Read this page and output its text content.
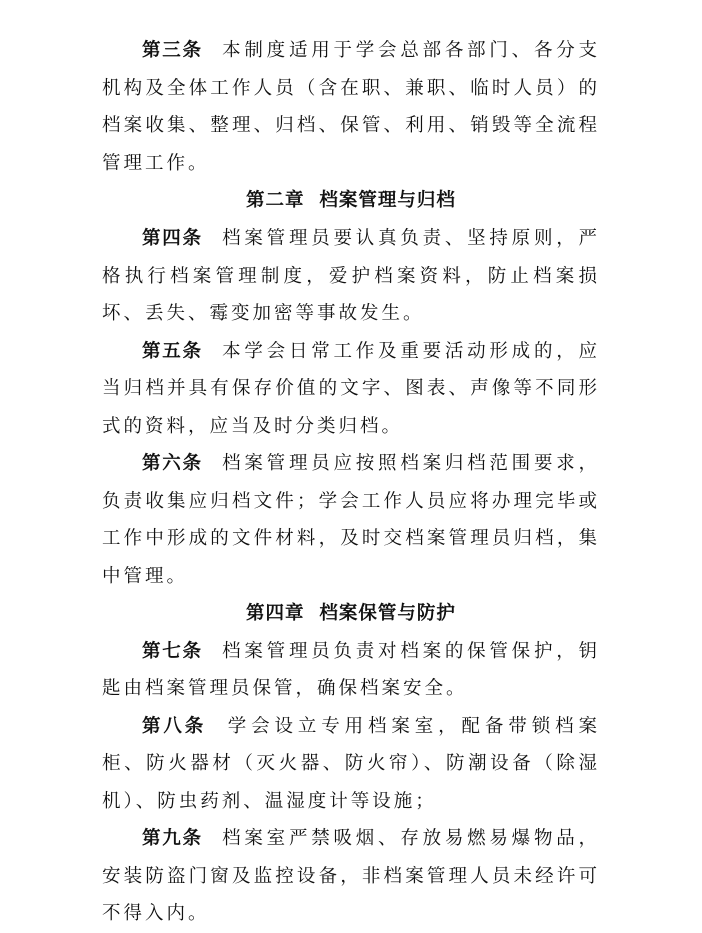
第三条 本制度适用于学会总部各部门、各分支机构及全体工作人员（含在职、兼职、临时人员）的档案收集、整理、归档、保管、利用、销毁等全流程管理工作。

第二章  档案管理与归档

第四条 档案管理员要认真负责、坚持原则，严格执行档案管理制度，爱护档案资料，防止档案损坏、丢失、霉变加密等事故发生。

第五条 本学会日常工作及重要活动形成的，应当归档并具有保存价值的文字、图表、声像等不同形式的资料，应当及时分类归档。

第六条 档案管理员应按照档案归档范围要求，负责收集应归档文件；学会工作人员应将办理完毕或工作中形成的文件材料，及时交档案管理员归档，集中管理。

第四章  档案保管与防护

第七条 档案管理员负责对档案的保管保护，钥匙由档案管理员保管，确保档案安全。

第八条 学会设立专用档案室，配备带锁档案柜、防火器材（灭火器、防火帘）、防潮设备（除湿机）、防虫药剂、温湿度计等设施；

第九条 档案室严禁吸烟、存放易燃易爆物品，安装防盗门窗及监控设备，非档案管理人员未经许可不得入内。
